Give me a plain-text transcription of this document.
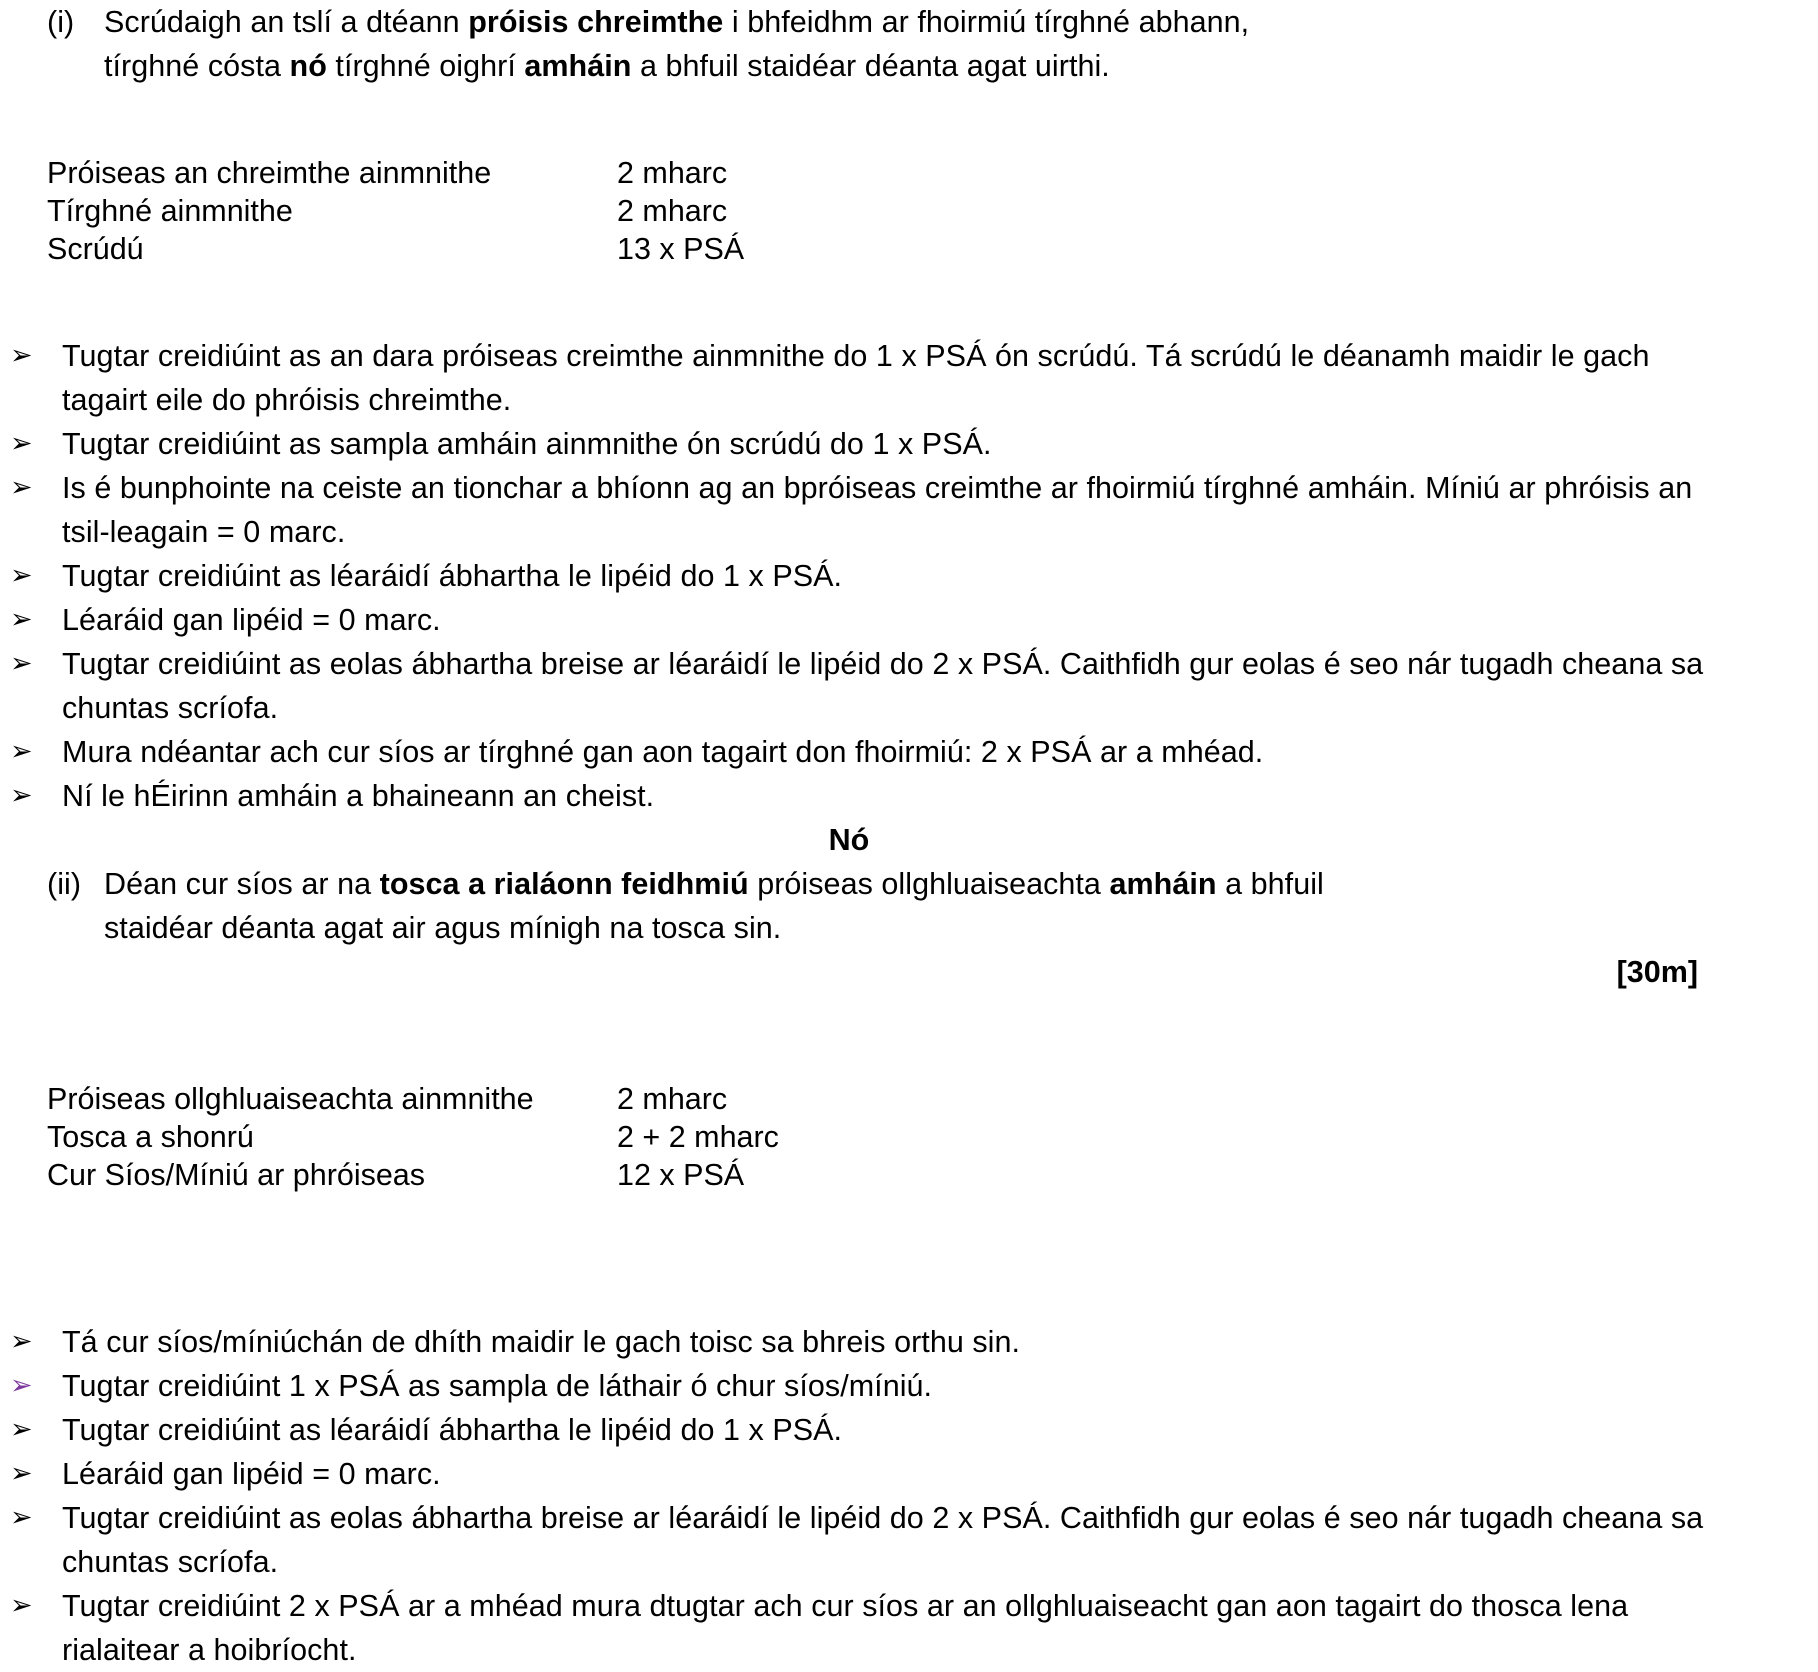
(i) Scrúdaigh an tslí a dtéann próisis chreimthe i bhfeidhm ar fhoirmiú tírghné abhann,
tírghné cósta nó tírghné oighrí amháin a bhfuil staidéar déanta agat uirthi.
Próiseas an chreimthe ainmnithe	2 mharc
Tírghné ainmnithe	2 mharc
Scrúdú	13 x PSÁ
➢ Tugtar creidiúint as an dara próiseas creimthe ainmnithe do 1 x PSÁ ón scrúdú. Tá scrúdú le déanamh maidir le gach tagairt eile do phróisis chreimthe.
➢ Tugtar creidiúint as sampla amháin ainmnithe ón scrúdú do 1 x PSÁ.
➢ Is é bunphointe na ceiste an tionchar a bhíonn ag an bpróiseas creimthe ar fhoirmiú tírghné amháin. Míniú ar phróisis an tsil-leagain = 0 marc.
➢ Tugtar creidiúint as léaráidí ábhartha le lipéid do 1 x PSÁ.
➢ Léaráid gan lipéid = 0 marc.
➢ Tugtar creidiúint as eolas ábhartha breise ar léaráidí le lipéid do 2 x PSÁ. Caithfidh gur eolas é seo nár tugadh cheana sa chuntas scríofa.
➢ Mura ndéantar ach cur síos ar tírghné gan aon tagairt don fhoirmiú: 2 x PSÁ ar a mhéad.
➢ Ní le hÉirinn amháin a bhaineann an cheist.
Nó
(ii) Déan cur síos ar na tosca a rialáonn feidhmiú próiseas ollghluaiseachta amháin a bhfuil
staidéar déanta agat air agus mínigh na tosca sin.
[30m]
Próiseas ollghluaiseachta ainmnithe	2 mharc
Tosca a shonrú	2 + 2 mharc
Cur Síos/Míniú ar phróiseas	12 x PSÁ
➢ Tá cur síos/míniúchán de dhíth maidir le gach toisc sa bhreis orthu sin.
➢ Tugtar creidiúint 1 x PSÁ as sampla de láthair ó chur síos/míniú.
➢ Tugtar creidiúint as léaráidí ábhartha le lipéid do 1 x PSÁ.
➢ Léaráid gan lipéid = 0 marc.
➢ Tugtar creidiúint as eolas ábhartha breise ar léaráidí le lipéid do 2 x PSÁ. Caithfidh gur eolas é seo nár tugadh cheana sa chuntas scríofa.
➢ Tugtar creidiúint 2 x PSÁ ar a mhéad mura dtugtar ach cur síos ar an ollghluaiseacht gan aon tagairt do thosca lena rialaitear a hoibríocht.
